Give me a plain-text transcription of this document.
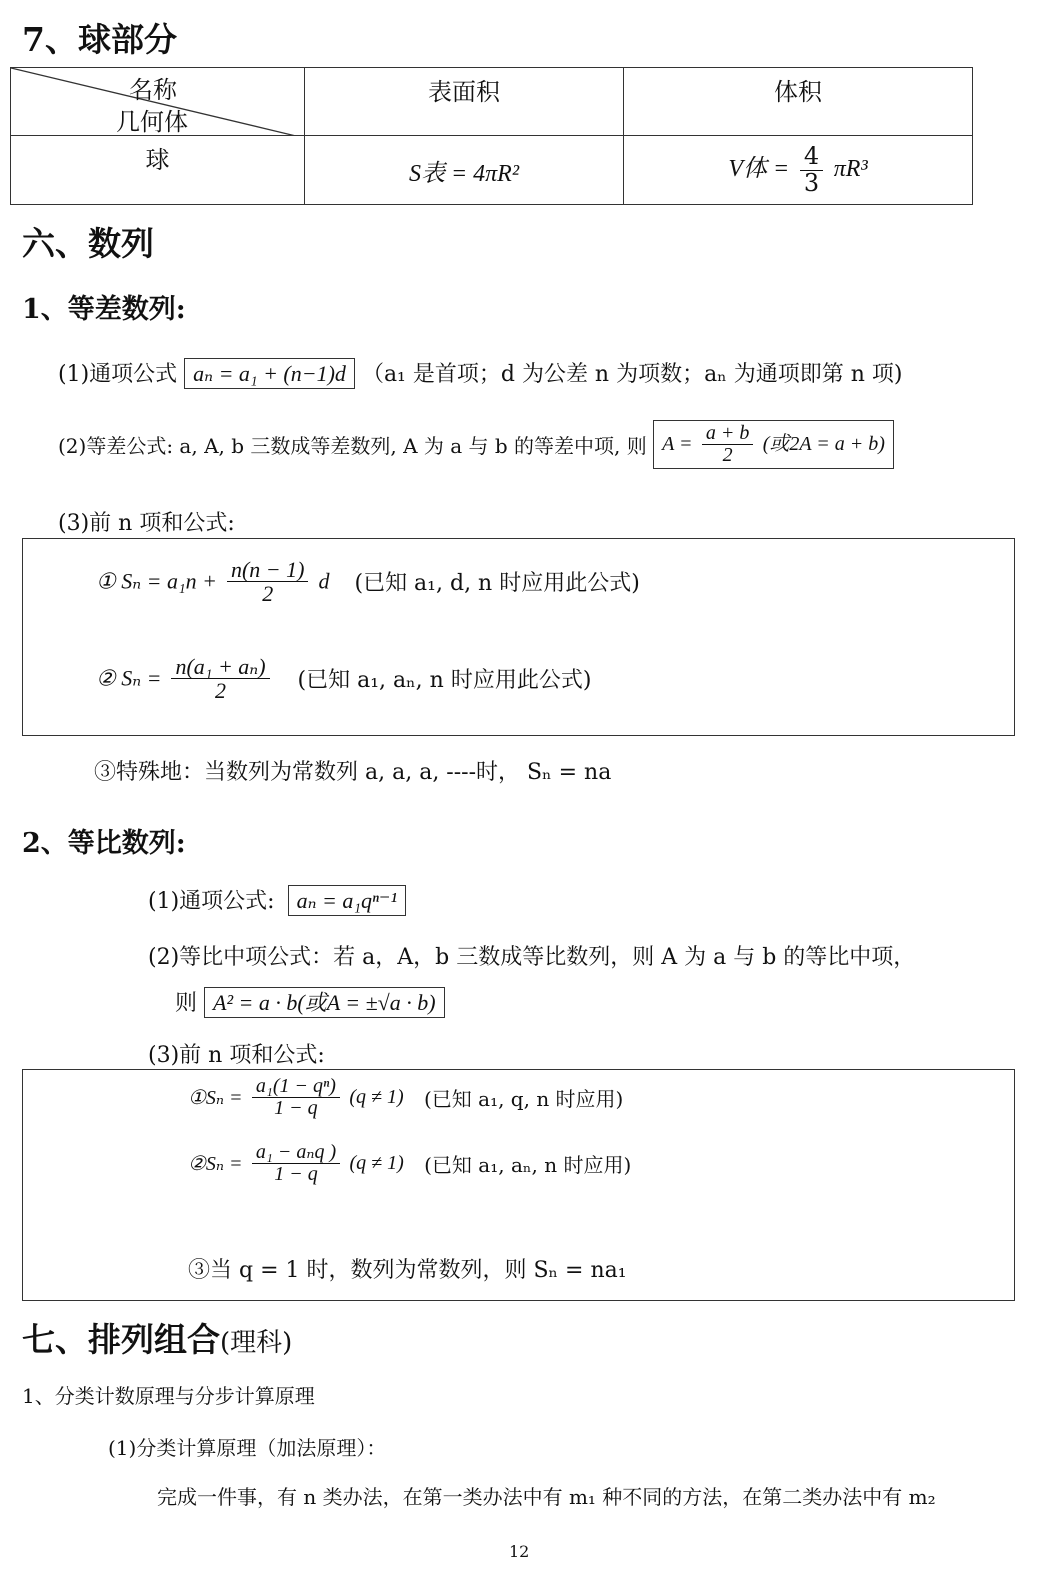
7、球部分
名称
几何体	表面积	体积
球	S表 = 4πR²	V体 = $\frac{4}{3} \pi R^3$
六、数列
1、等差数列:
(1)通项公式 aₙ = a₁ + (n−1)d （a₁ 是首项；d 为公差 n 为项数；aₙ 为通项即第 n 项)
(2)等差公式: a, A, b 三数成等差数列, A 为 a 与 b 的等差中项, 则 $A = \frac{a + b}{2}$ (或2A = a + b)
(3)前 n 项和公式:
① $S_n = a_1n + \frac{n(n - 1)}{2}$ d (已知 a₁, d, n 时应用此公式)
② $S_n = \frac{\text{n(a₁ + aₙ)}}{2}$ (已知 a₁, aₙ, n 时应用此公式)
③特殊地：当数列为常数列 a, a, a, ----时， Sₙ = na
2、等比数列:
(1)通项公式: aₙ = a₁qⁿ⁻¹
(2)等比中项公式：若 a，A，b 三数成等比数列，则 A 为 a 与 b 的等比中项，
则 A² = a · b(或A = ±√a · b)
(3)前 n 项和公式:
①Sₙ = $\frac{\text{a₁(1 − qⁿ)}}{1 - q} (q \ne 1)$ (已知 a₁, q, n 时应用)
②Sₙ = $\frac{\text{a₁ − aₙq )}}{1 - q} (q \ne 1)$ (已知 a₁, aₙ, n 时应用)
③当 q = 1 时，数列为常数列，则 Sₙ = na₁
七、排列组合(理科)
1、分类计数原理与分步计算原理
(1)分类计算原理（加法原理）：
完成一件事，有 n 类办法，在第一类办法中有 m₁ 种不同的方法，在第二类办法中有 m₂
12
